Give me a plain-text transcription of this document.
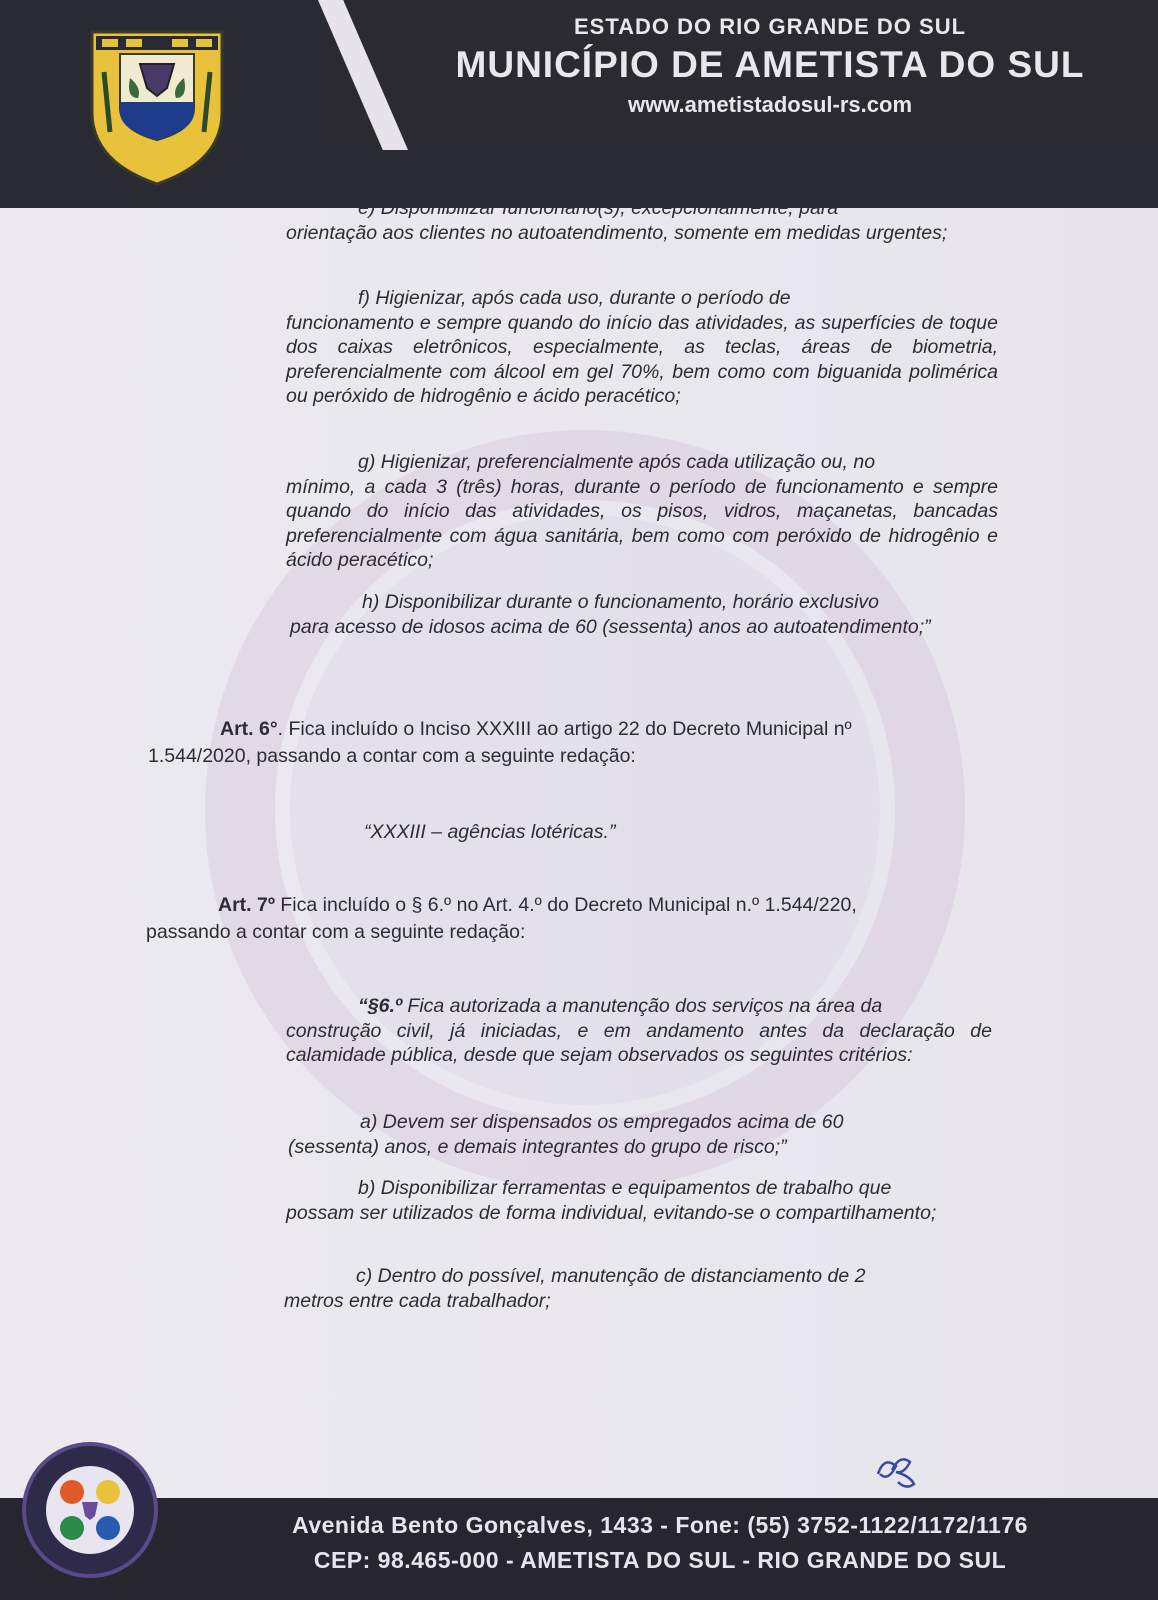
ESTADO DO RIO GRANDE DO SUL
MUNICÍPIO DE AMETISTA DO SUL
www.ametistadosul-rs.com
e) Disponibilizar funcionário(s), excepcionalmente, para
orientação aos clientes no autoatendimento, somente em medidas urgentes;
f) Higienizar, após cada uso, durante o período de
funcionamento e sempre quando do início das atividades, as superfícies de toque dos caixas eletrônicos, especialmente, as teclas, áreas de biometria, preferencialmente com álcool em gel 70%, bem como com biguanida polimérica ou peróxido de hidrogênio e ácido peracético;
g) Higienizar, preferencialmente após cada utilização ou, no
mínimo, a cada 3 (três) horas, durante o período de funcionamento e sempre quando do início das atividades, os pisos, vidros, maçanetas, bancadas preferencialmente com água sanitária, bem como com peróxido de hidrogênio e ácido peracético;
h) Disponibilizar durante o funcionamento, horário exclusivo
para acesso de idosos acima de 60 (sessenta) anos ao autoatendimento;”

Art. 6°. Fica incluído o Inciso XXXIII ao artigo 22 do Decreto Municipal nº

1.544/2020, passando a contar com a seguinte redação:

“XXXIII – agências lotéricas.”

Art. 7º Fica incluído o § 6.º no Art. 4.º do Decreto Municipal n.º 1.544/220,

passando a contar com a seguinte redação:

“§6.º Fica autorizada a manutenção dos serviços na área da
construção civil, já iniciadas, e em andamento antes da declaração de calamidade pública, desde que sejam observados os seguintes critérios:
a) Devem ser dispensados os empregados acima de 60
(sessenta) anos, e demais integrantes do grupo de risco;”
b) Disponibilizar ferramentas e equipamentos de trabalho que
possam ser utilizados de forma individual, evitando-se o compartilhamento;
c) Dentro do possível, manutenção de distanciamento de 2
metros entre cada trabalhador;
Avenida Bento Gonçalves, 1433 - Fone: (55) 3752-1122/1172/1176
CEP: 98.465-000 - AMETISTA DO SUL - RIO GRANDE DO SUL
